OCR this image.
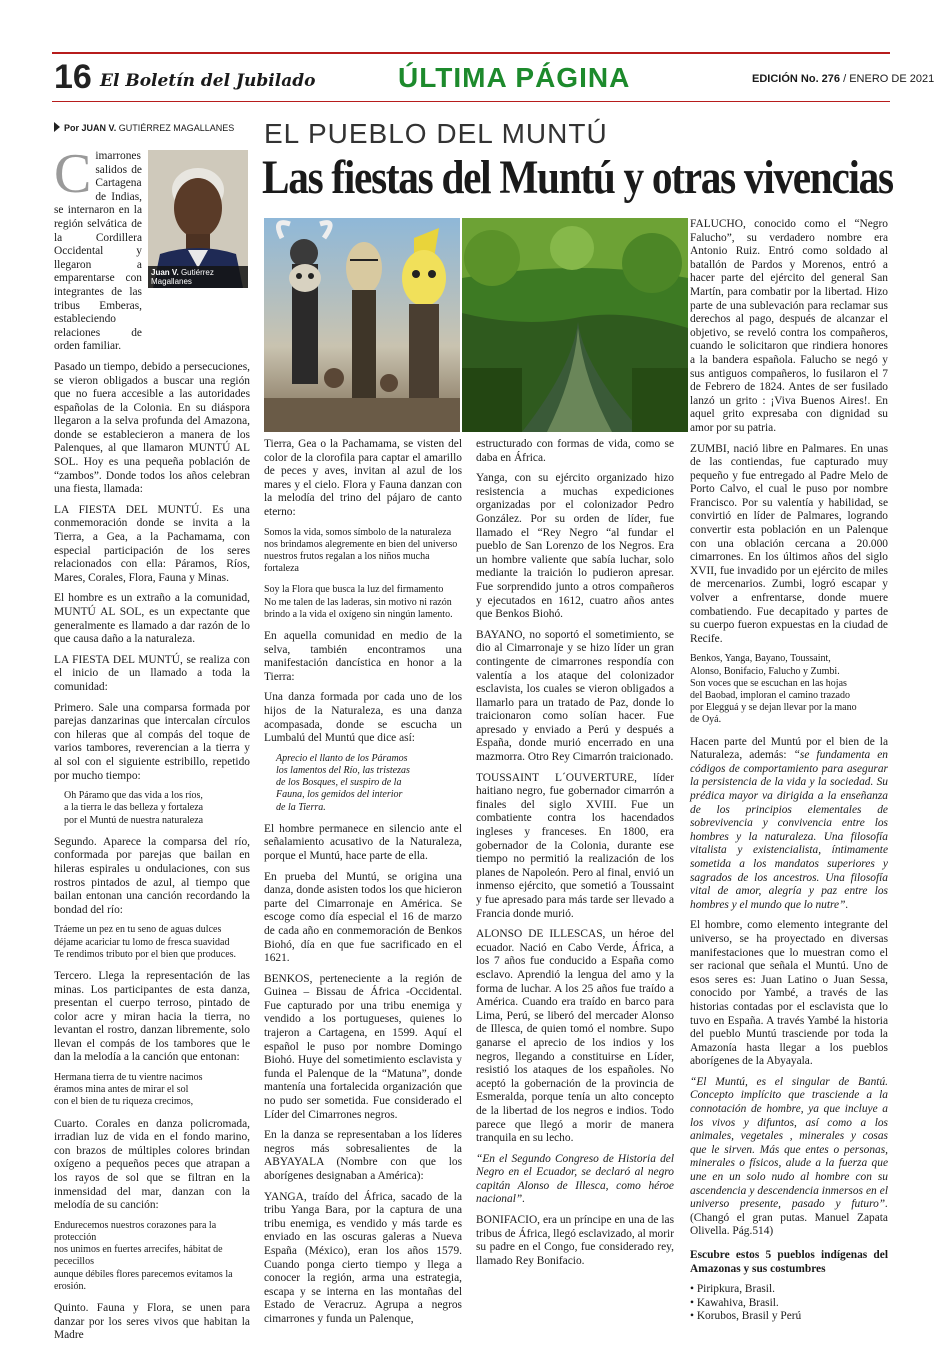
16 El Boletín del Jubilado	ÚLTIMA PÁGINA	EDICIÓN No. 276 / ENERO DE 2021
Por JUAN V. GUTIÉRREZ MAGALLANES EL PUEBLO DEL MUNTÚ
Las fiestas del Muntú y otras vivencias
Juan V. Gutiérrez Magallanes
C imarrones salidos de Cartagena de Indias, se internaron en la región selvática de la Cordillera Occidental y llegaron a emparentarse con integrantes de las tribus Emberas, estableciendo relaciones de orden familiar.

Pasado un tiempo, debido a persecuciones, se vieron obligados a buscar una región que no fuera accesible a las autoridades españolas de la Colonia. En su diáspora llegaron a la selva profunda del Amazona, donde se establecieron a manera de los Palenques, al que llamaron MUNTÚ AL SOL. Hoy es una pequeña población de “zambos”. Donde todos los años celebran una fiesta, llamada:

LA FIESTA DEL MUNTÚ. Es una conmemoración donde se invita a la Tierra, a Gea, a la Pachamama, con especial participación de los seres relacionados con ella: Páramos, Ríos, Mares, Corales, Flora, Fauna y Minas.

El hombre es un extraño a la comunidad, MUNTÚ AL SOL, es un expectante que generalmente es llamado a dar razón de lo que causa daño a la naturaleza.

LA FIESTA DEL MUNTÚ, se realiza con el inicio de un llamado a toda la comunidad:

Primero. Sale una comparsa formada por parejas danzarinas que intercalan círculos con hileras que al compás del toque de varios tambores, reverencian a la tierra y al sol con el siguiente estribillo, repetido por mucho tiempo:

Oh Páramo que das vida a los ríos,
a la tierra le das belleza y fortaleza
por el Muntú de nuestra naturaleza

Segundo. Aparece la comparsa del río, conformada por parejas que bailan en hileras espirales u ondulaciones, con sus rostros pintados de azul, al tiempo que bailan entonan una canción recordando la bondad del río:

Tráeme un pez en tu seno de aguas dulces
déjame acariciar tu lomo de fresca suavidad
Te rendimos tributo por el bien que produces.

Tercero. Llega la representación de las minas. Los participantes de esta danza, presentan el cuerpo terroso, pintado de color acre y miran hacia la tierra, no levantan el rostro, danzan libremente, solo llevan el compás de los tambores que le dan la melodía a la canción que entonan:

Hermana tierra de tu vientre nacimos
éramos mina antes de mirar el sol
con el bien de tu riqueza crecimos,

Cuarto. Corales en danza policromada, irradian luz de vida en el fondo marino, con brazos de múltiples colores brindan oxígeno a pequeños peces que atrapan a los rayos de sol que se filtran en la inmensidad del mar, danzan con la melodía de su canción:

Endurecemos nuestros corazones para la protección
nos unimos en fuertes arrecifes, hábitat de pececillos
aunque débiles flores parecemos evitamos la erosión.

Quinto. Fauna y Flora, se unen para danzar por los seres vivos que habitan la Madre

Tierra, Gea o la Pachamama, se visten del color de la clorofila para captar el amarillo de peces y aves, invitan al azul de los mares y el cielo. Flora y Fauna danzan con la melodía del trino del pájaro de canto eterno:

Somos la vida, somos símbolo de la naturaleza
nos brindamos alegremente en bien del universo
nuestros frutos regalan a los niños mucha fortaleza
Soy la Flora que busca la luz del firmamento
No me talen de las laderas, sin motivo ni razón
brindo a la vida el oxígeno sin ningún lamento.

En aquella comunidad en medio de la selva, también encontramos una manifestación dancística en honor a la Tierra:

Una danza formada por cada uno de los hijos de la Naturaleza, es una danza acompasada, donde se escucha un Lumbalú del Muntú que dice así:

Aprecio el llanto de los Páramos
los lamentos del Río, las tristezas
de los Bosques, el suspiro de la
Fauna, los gemidos del interior
de la Tierra.

El hombre permanece en silencio ante el señalamiento acusativo de la Naturaleza, porque el Muntú, hace parte de ella.

En prueba del Muntú, se origina una danza, donde asisten todos los que hicieron parte del Cimarronaje en América. Se escoge como día especial el 16 de marzo de cada año en conmemoración de Benkos Biohó, día en que fue sacrificado en el 1621.

BENKOS, perteneciente a la región de Guinea – Bissau de África -Occidental. Fue capturado por una tribu enemiga y vendido a los portugueses, quienes lo trajeron a Cartagena, en 1599. Aquí el español le puso por nombre Domingo Biohó. Huye del sometimiento esclavista y funda el Palenque de la “Matuna”, donde mantenía una fortalecida organización que no pudo ser sometida. Fue considerado el Líder del Cimarrones negros.

En la danza se representaban a los líderes negros más sobresalientes de la ABYAYALA (Nombre con que los aborígenes designaban a América):

YANGA, traído del África, sacado de la tribu Yanga Bara, por la captura de una tribu enemiga, es vendido y más tarde es enviado en las oscuras galeras a Nueva España (México), eran los años 1579. Cuando ponga cierto tiempo y llega a conocer la región, arma una estrategia, escapa y se interna en las montañas del Estado de Veracruz. Agrupa a negros cimarrones y funda un Palenque,

estructurado con formas de vida, como se daba en África.

Yanga, con su ejército organizado hizo resistencia a muchas expediciones organizadas por el colonizador Pedro González. Por su orden de líder, fue llamado el “Rey Negro “al fundar el pueblo de San Lorenzo de los Negros. Era un hombre valiente que sabía luchar, solo mediante la traición lo pudieron apresar. Fue sorprendido junto a otros compañeros y ejecutados en 1612, cuatro años antes que Benkos Biohó.

BAYANO, no soportó el sometimiento, se dio al Cimarronaje y se hizo líder un gran contingente de cimarrones respondía con valentía a los ataque del colonizador esclavista, los cuales se vieron obligados a llamarlo para un tratado de Paz, donde lo traicionaron como solían hacer. Fue apresado y enviado a Perú y después a España, donde murió encerrado en una mazmorra. Otro Rey Cimarrón traicionado.

TOUSSAINT L´OUVERTURE, líder haitiano negro, fue gobernador cimarrón a finales del siglo XVIII. Fue un combatiente contra los hacendados ingleses y franceses. En 1800, era gobernador de la Colonia, durante ese tiempo no permitió la realización de los planes de Napoleón. Pero al final, envió un inmenso ejército, que sometió a Toussaint y fue apresado para más tarde ser llevado a Francia donde murió.

ALONSO DE ILLESCAS, un héroe del ecuador. Nació en Cabo Verde, África, a los 7 años fue conducido a España como esclavo. Aprendió la lengua del amo y la forma de luchar. A los 25 años fue traído a América. Cuando era traído en barco para Lima, Perú, se liberó del mercader Alonso de Illesca, de quien tomó el nombre. Supo ganarse el aprecio de los indios y los negros, llegando a constituirse en Líder, resistió los ataques de los españoles. No aceptó la gobernación de la provincia de Esmeralda, porque tenía un alto concepto de la libertad de los negros e indios. Todo parece que llegó a morir de manera tranquila en su lecho.

“En el Segundo Congreso de Historia del Negro en el Ecuador, se declaró al negro capitán Alonso de Illesca, como héroe nacional”.

BONIFACIO, era un príncipe en una de las tribus de África, llegó esclavizado, al morir su padre en el Congo, fue considerado rey, llamado Rey Bonifacio.

FALUCHO, conocido como el “Negro Falucho”, su verdadero nombre era Antonio Ruiz. Entró como soldado al batallón de Pardos y Morenos, entró a hacer parte del ejército del general San Martín, para combatir por la libertad. Hizo parte de una sublevación para reclamar sus derechos al pago, después de alcanzar el objetivo, se reveló contra los compañeros, cuando le solicitaron que rindiera honores a la bandera española. Falucho se negó y sus antiguos compañeros, lo fusilaron el 7 de Febrero de 1824. Antes de ser fusilado lanzó un grito : ¡Viva Buenos Aires!. En aquel grito expresaba con dignidad su amor por su patria.

ZUMBI, nació libre en Palmares. En unas de las contiendas, fue capturado muy pequeño y fue entregado al Padre Melo de Porto Calvo, el cual le puso por nombre Francisco. Por su valentía y habilidad, se convirtió en líder de Palmares, logrando convertir esta población en un Palenque con una oblación cercana a 20.000 cimarrones. En los últimos años del siglo XVII, fue invadido por un ejército de miles de mercenarios. Zumbi, logró escapar y volver a enfrentarse, donde muere combatiendo. Fue decapitado y partes de su cuerpo fueron expuestas en la ciudad de Recife.

Benkos, Yanga, Bayano, Toussaint,
Alonso, Bonifacio, Falucho y Zumbi.
Son voces que se escuchan en las hojas
del Baobad, imploran el camino trazado
por Elegguá y se dejan llevar por la mano
de Oyá.

Hacen parte del Muntú por el bien de la Naturaleza, además: “se fundamenta en códigos de comportamiento para asegurar la persistencia de la vida y la sociedad. Su prédica mayor va dirigida a la enseñanza de los principios elementales de sobrevivencia y convivencia entre los hombres y la naturaleza. Una filosofía vitalista y existencialista, íntimamente sometida a los mandatos superiores y sagrados de los ancestros. Una filosofía vital de amor, alegría y paz entre los hombres y el mundo que lo nutre”.

El hombre, como elemento integrante del universo, se ha proyectado en diversas manifestaciones que lo muestran como el ser racional que señala el Muntú. Uno de esos seres es: Juan Latino o Juan Sessa, conocido por Yambé, a través de las historias contadas por el esclavista que lo tuvo en España. A través Yambé la historia del pueblo Muntú trasciende por toda la Amazonía hasta llegar a los pueblos aborígenes de la Abyayala.

“El Muntú, es el singular de Bantú. Concepto implícito que trasciende a la connotación de hombre, ya que incluye a los vivos y difuntos, así como a los animales, vegetales , minerales y cosas que le sirven. Más que entes o personas, minerales o físicos, alude a la fuerza que une en un solo nudo al hombre con su ascendencia y descendencia inmersos en el universo presente, pasado y futuro”. (Changó el gran putas. Manuel Zapata Olivella. Pág.514)

Escubre estos 5 pueblos indígenas del Amazonas y sus costumbres

• Piripkura, Brasil.
• Kawahiva, Brasil.
• Korubos, Brasil y Perú
